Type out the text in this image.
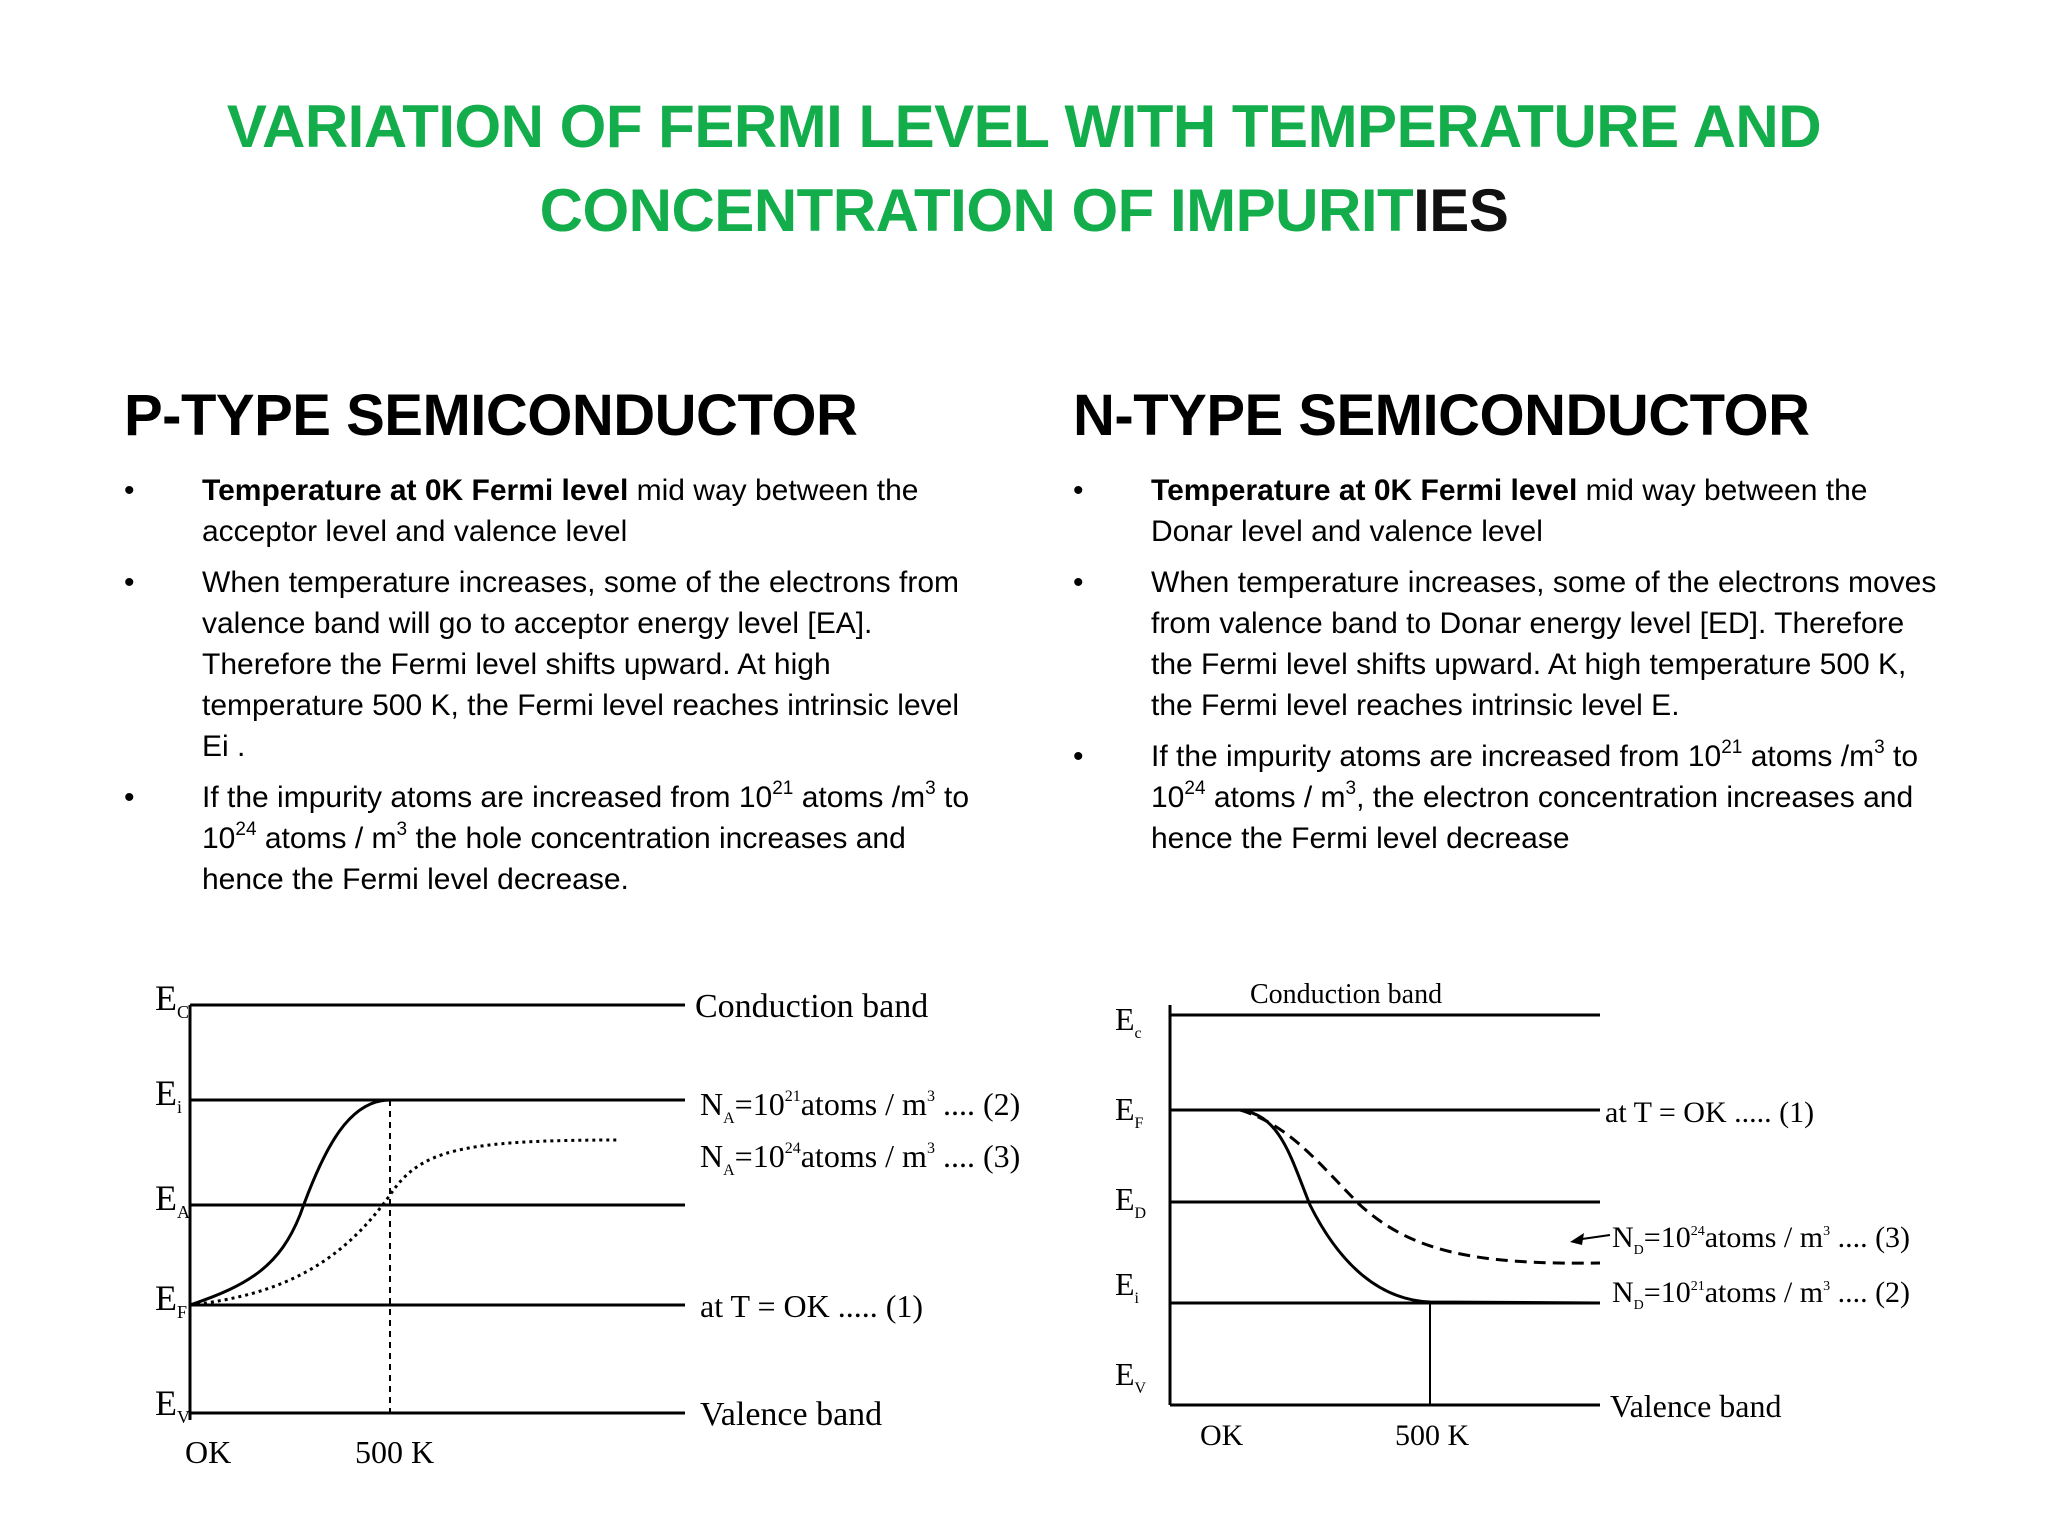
VARIATION OF FERMI LEVEL WITH TEMPERATURE AND
CONCENTRATION OF IMPURITIES
P-TYPE SEMICONDUCTOR
•	Temperature at 0K Fermi level mid way between the acceptor level and valence level
•	When temperature increases, some of the electrons from valence band will go to acceptor energy level [EA]. Therefore the Fermi level shifts upward. At high temperature 500 K, the Fermi level reaches intrinsic level Ei .
•	If the impurity atoms are increased from $10^{21}$ atoms $/m^3$ to $10^{24}$ atoms / $m^3$ the hole concentration increases and hence the Fermi level decrease.
N-TYPE SEMICONDUCTOR
•	Temperature at 0K Fermi level mid way between the Donar level and valence level
•	When temperature increases, some of the electrons moves from valence band to Donar energy level [ED]. Therefore the Fermi level shifts upward. At high temperature 500 K, the Fermi level reaches intrinsic level E.
•	If the impurity atoms are increased from $10^{21}$ atoms $/m^3$ to $10^{24}$ atoms / $m^3$, the electron concentration increases and hence the Fermi level decrease
$E_C$
$E_i$
$E_A$
$E_F$
$E_V$
Conduction band
$N_A=10^{21}atoms / m^3$ .... (2)
$N_A=10^{24}atoms / m^3$ .... (3)
at T = OK ..... (1)
Valence band
OK	500 K
$E_c$
$E_F$
$E_D$
$E_i$
$E_V$
Conduction band
at T = OK ..... (1)
$N_D=10^{24}atoms / m^3$ .... (3)
$N_D=10^{21}atoms / m^3$ .... (2)
Valence band
OK	500 K
